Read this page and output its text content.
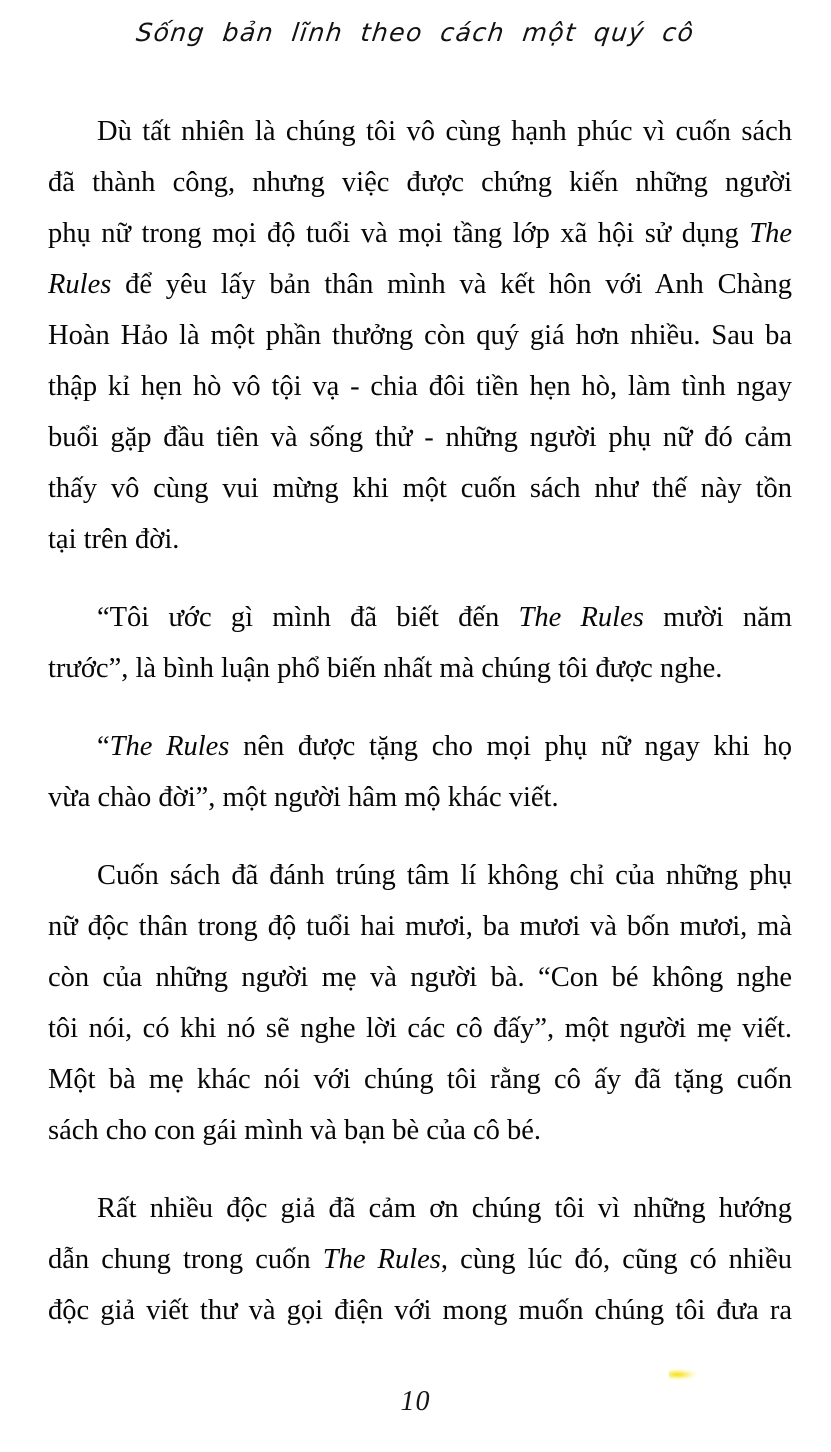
Sống bản lĩnh theo cách một quý cô
Dù tất nhiên là chúng tôi vô cùng hạnh phúc vì cuốn sách
đã thành công, nhưng việc được chứng kiến những người
phụ nữ trong mọi độ tuổi và mọi tầng lớp xã hội sử dụng The
Rules để yêu lấy bản thân mình và kết hôn với Anh Chàng
Hoàn Hảo là một phần thưởng còn quý giá hơn nhiều. Sau ba
thập kỉ hẹn hò vô tội vạ - chia đôi tiền hẹn hò, làm tình ngay
buổi gặp đầu tiên và sống thử - những người phụ nữ đó cảm
thấy vô cùng vui mừng khi một cuốn sách như thế này tồn
tại trên đời.
“Tôi ước gì mình đã biết đến The Rules mười năm
trước”, là bình luận phổ biến nhất mà chúng tôi được nghe.
“The Rules nên được tặng cho mọi phụ nữ ngay khi họ
vừa chào đời”, một người hâm mộ khác viết.
Cuốn sách đã đánh trúng tâm lí không chỉ của những phụ
nữ độc thân trong độ tuổi hai mươi, ba mươi và bốn mươi, mà
còn của những người mẹ và người bà. “Con bé không nghe
tôi nói, có khi nó sẽ nghe lời các cô đấy”, một người mẹ viết.
Một bà mẹ khác nói với chúng tôi rằng cô ấy đã tặng cuốn
sách cho con gái mình và bạn bè của cô bé.
Rất nhiều độc giả đã cảm ơn chúng tôi vì những hướng
dẫn chung trong cuốn The Rules, cùng lúc đó, cũng có nhiều
độc giả viết thư và gọi điện với mong muốn chúng tôi đưa ra
10
